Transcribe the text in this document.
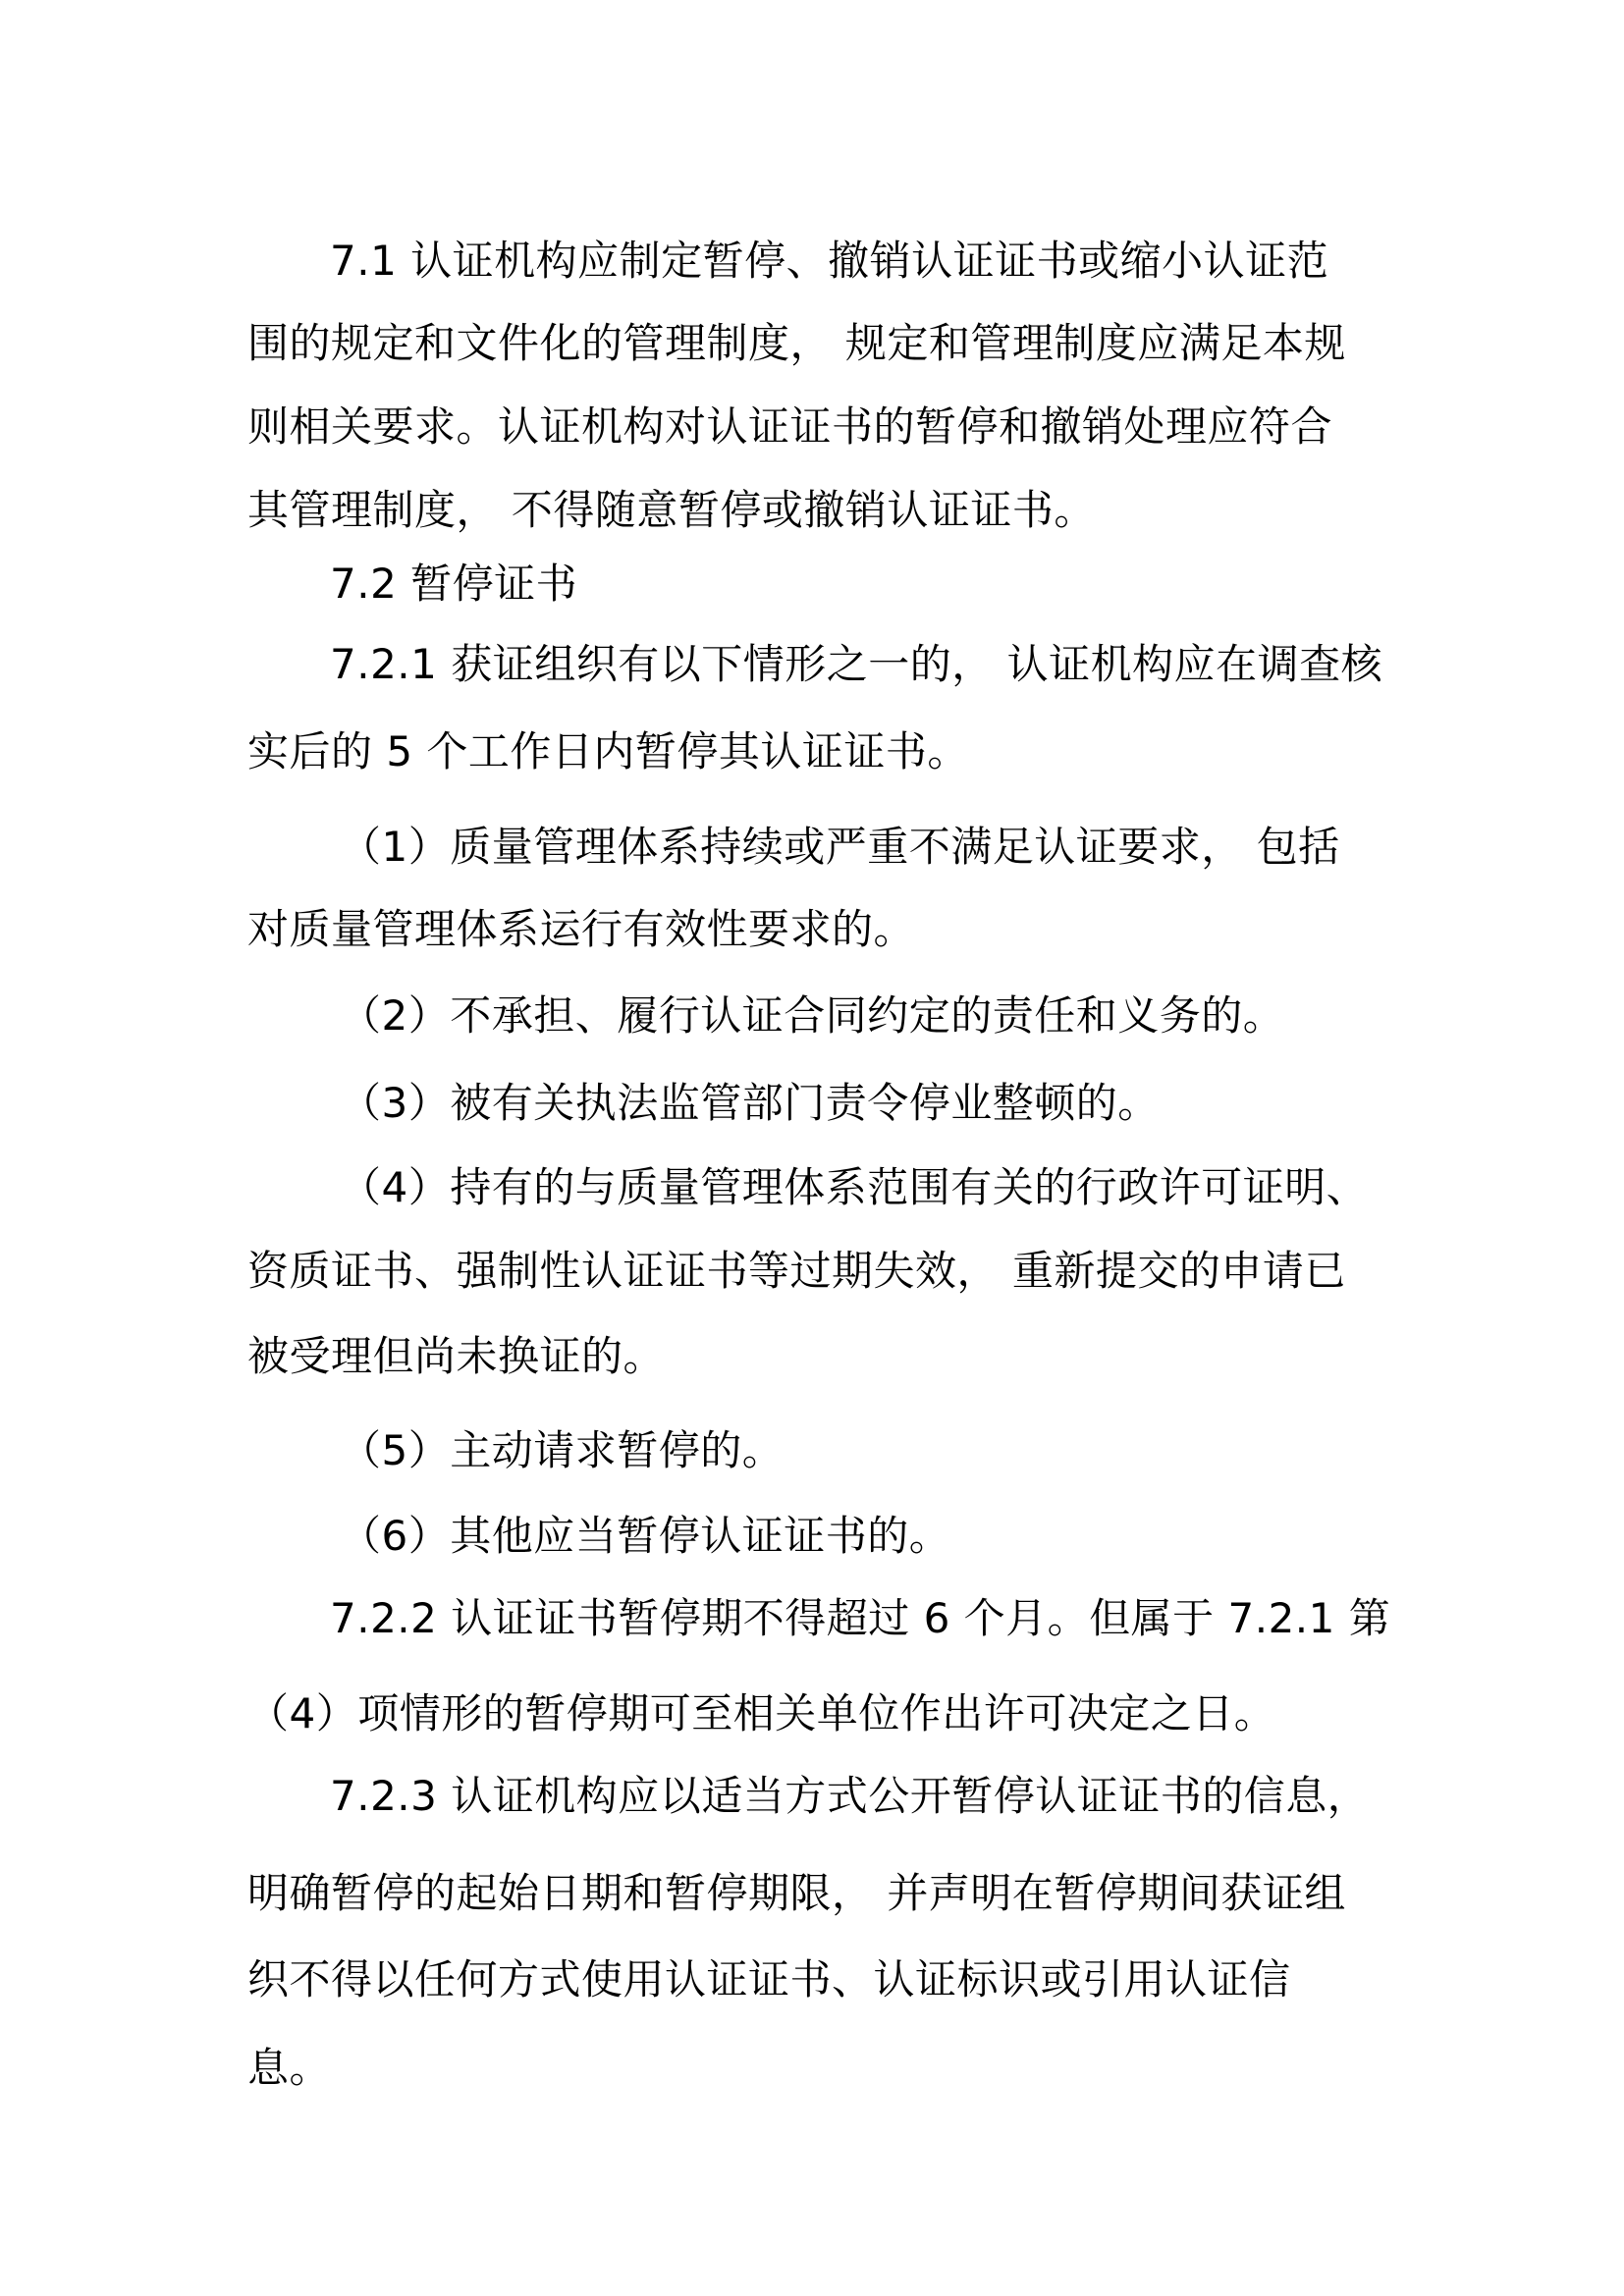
7.1 认证机构应制定暂停、撤销认证证书或缩小认证范

围的规定和文件化的管理制度， 规定和管理制度应满足本规

则相关要求。认证机构对认证证书的暂停和撤销处理应符合

其管理制度， 不得随意暂停或撤销认证证书。

7.2 暂停证书

7.2.1 获证组织有以下情形之一的， 认证机构应在调查核

实后的 5 个工作日内暂停其认证证书。

（1）质量管理体系持续或严重不满足认证要求， 包括

对质量管理体系运行有效性要求的。

（2）不承担、履行认证合同约定的责任和义务的。

（3）被有关执法监管部门责令停业整顿的。

（4）持有的与质量管理体系范围有关的行政许可证明、

资质证书、强制性认证证书等过期失效， 重新提交的申请已

被受理但尚未换证的。

（5）主动请求暂停的。

（6）其他应当暂停认证证书的。

7.2.2 认证证书暂停期不得超过 6 个月。但属于 7.2.1 第

（4）项情形的暂停期可至相关单位作出许可决定之日。

7.2.3 认证机构应以适当方式公开暂停认证证书的信息，

明确暂停的起始日期和暂停期限， 并声明在暂停期间获证组

织不得以任何方式使用认证证书、认证标识或引用认证信

息。
